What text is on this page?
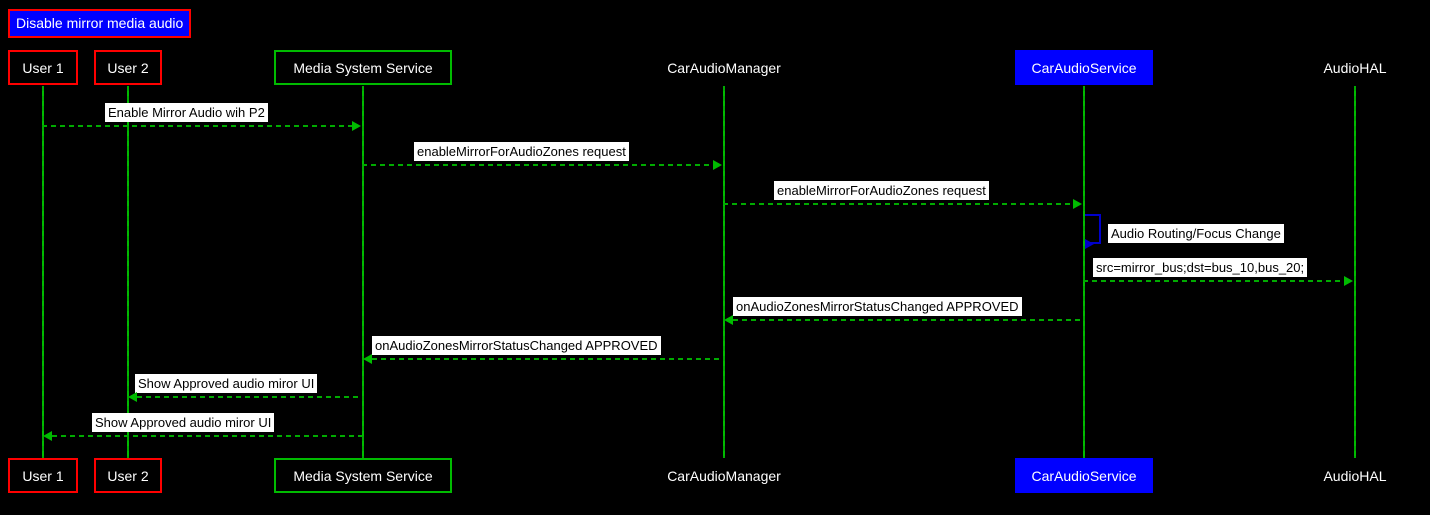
Disable mirror media audio
User 1	User 2	Media System Service	CarAudioManager	CarAudioService	AudioHAL
User 1	User 2	Media System Service	CarAudioManager	CarAudioService	AudioHAL
Enable Mirror Audio wih P2
enableMirrorForAudioZones request
enableMirrorForAudioZones request
Audio Routing/Focus Change
src=mirror_bus;dst=bus_10,bus_20;
onAudioZonesMirrorStatusChanged APPROVED
onAudioZonesMirrorStatusChanged APPROVED
Show Approved audio miror UI
Show Approved audio miror UI
